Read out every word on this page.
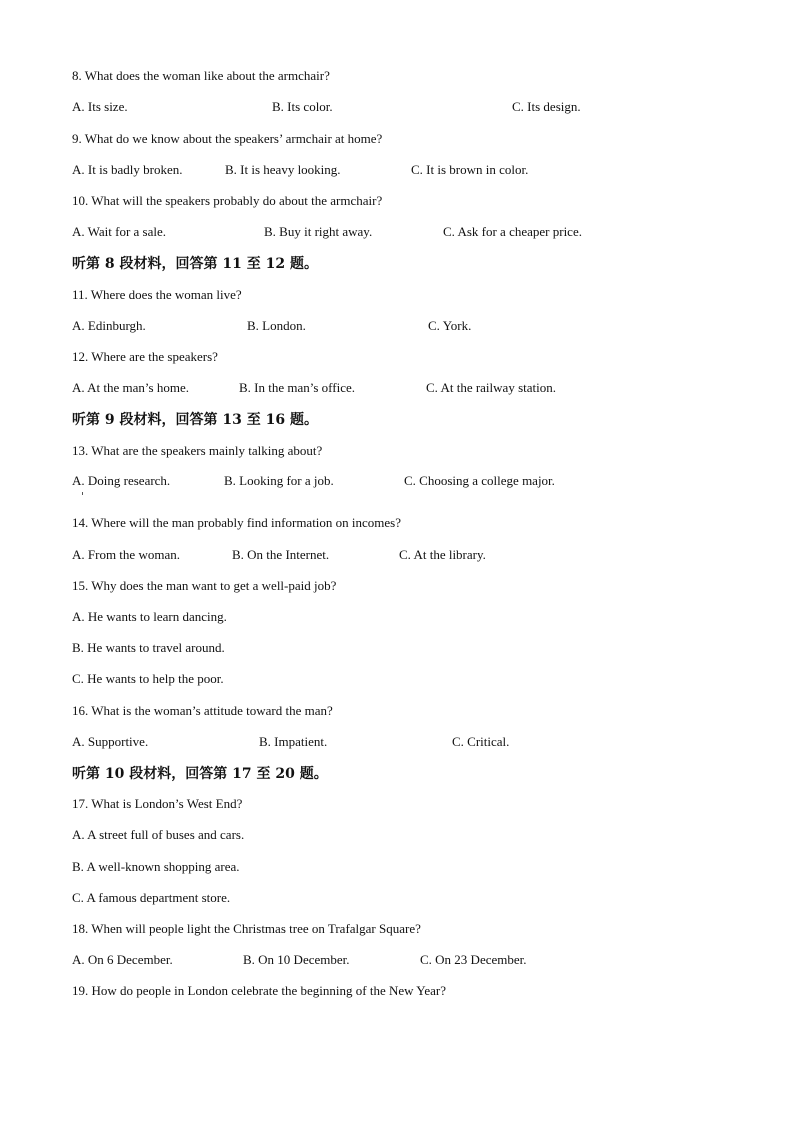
8. What does the woman like about the armchair?
A. Its size.	B. Its color.	C. Its design.
9. What do we know about the speakers’ armchair at home?
A. It is badly broken.	B. It is heavy looking.	C. It is brown in color.
10. What will the speakers probably do about the armchair?
A. Wait for a sale.	B. Buy it right away.	C. Ask for a cheaper price.
听第 8 段材料，回答第 11 至 12 题。
11. Where does the woman live?
A. Edinburgh.	B. London.	C. York.
12. Where are the speakers?
A. At the man’s home.	B. In the man’s office.	C. At the railway station.
听第 9 段材料，回答第 13 至 16 题。
13. What are the speakers mainly talking about?
A. Doing research.	B. Looking for a job.	C. Choosing a college major.
14. Where will the man probably find information on incomes?
A. From the woman.	B. On the Internet.	C. At the library.
15. Why does the man want to get a well-paid job?
A. He wants to learn dancing.
B. He wants to travel around.
C. He wants to help the poor.
16. What is the woman’s attitude toward the man?
A. Supportive.	B. Impatient.	C. Critical.
听第 10 段材料，回答第 17 至 20 题。
17. What is London’s West End?
A. A street full of buses and cars.
B. A well-known shopping area.
C. A famous department store.
18. When will people light the Christmas tree on Trafalgar Square?
A. On 6 December.	B. On 10 December.	C. On 23 December.
19. How do people in London celebrate the beginning of the New Year?
